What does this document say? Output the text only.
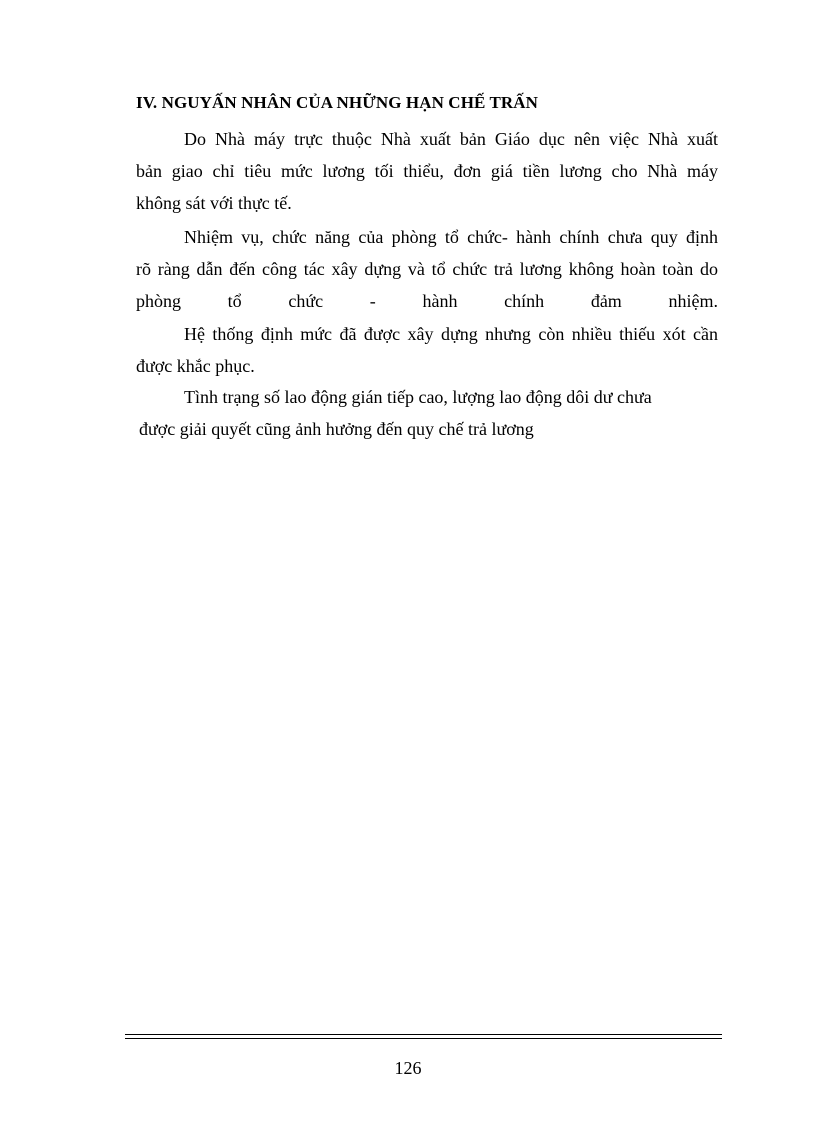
IV. NGUYẤN NHÂN CỦA NHỮNG HẠN CHẾ TRẤN
Do Nhà máy trực thuộc Nhà xuất bản Giáo dục nên việc Nhà xuất
bản giao chỉ tiêu mức lương tối thiểu, đơn giá tiền lương cho Nhà máy
không sát với thực tế.
Nhiệm vụ, chức năng của phòng tổ chức- hành chính chưa quy định
rõ ràng dẫn đến công tác xây dựng và tổ chức trả lương không hoàn toàn do
phòng tổ chức - hành chính đảm nhiệm.
Hệ thống định mức đã được xây dựng nhưng còn nhiều thiếu xót cần
được khắc phục.
Tình trạng số lao động gián tiếp cao, lượng lao động dôi dư chưa
được giải quyết cũng ảnh hưởng đến quy chế trả lương
126
